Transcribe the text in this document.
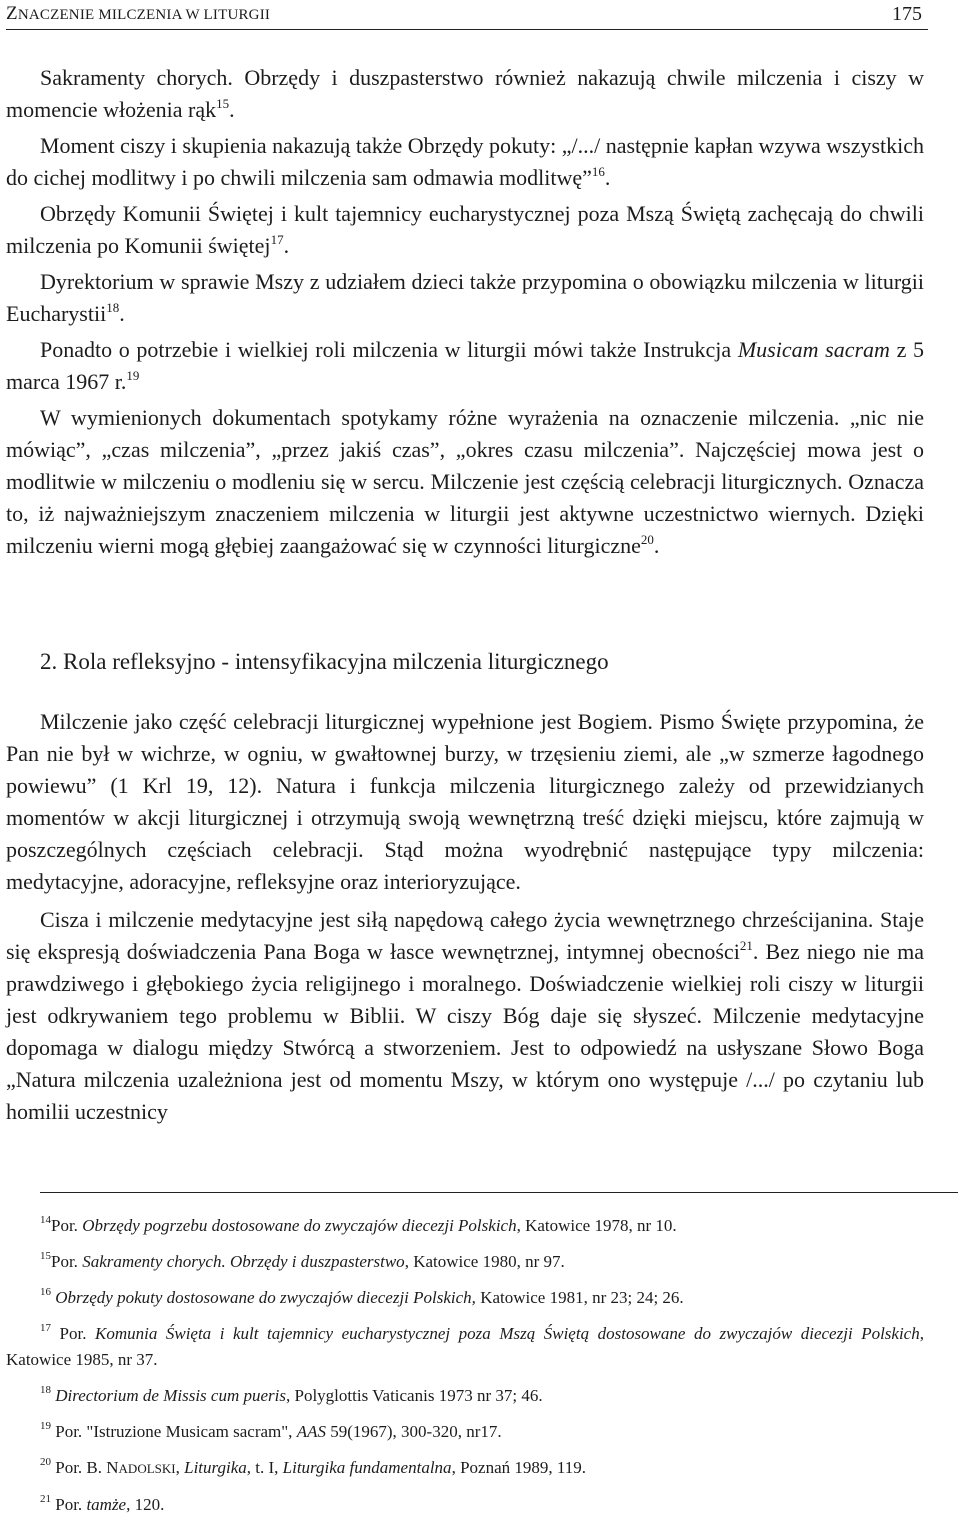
ZNACZENIE MILCZENIA W LITURGII	175

Sakramenty chorych. Obrzędy i duszpasterstwo również nakazują chwile milczenia i ciszy w momencie włożenia rąk$^{15}$.

Moment ciszy i skupienia nakazują także Obrzędy pokuty: „/.../ następnie kapłan wzywa wszystkich do cichej modlitwy i po chwili milczenia sam odmawia modlitwę”$^{16}$.

Obrzędy Komunii Świętej i kult tajemnicy eucharystycznej poza Mszą Świętą zachęcają do chwili milczenia po Komunii świętej$^{17}$.

Dyrektorium w sprawie Mszy z udziałem dzieci także przypomina o obowiązku milczenia w liturgii Eucharystii$^{18}$.

Ponadto o potrzebie i wielkiej roli milczenia w liturgii mówi także Instrukcja Musicam sacram z 5 marca 1967 r.$^{19}$

W wymienionych dokumentach spotykamy różne wyrażenia na oznaczenie milczenia. „nic nie mówiąc”, „czas milczenia”, „przez jakiś czas”, „okres czasu milczenia”. Najczęściej mowa jest o modlitwie w milczeniu o modleniu się w sercu. Milczenie jest częścią celebracji liturgicznych. Oznacza to, iż najważniejszym znaczeniem milczenia w liturgii jest aktywne uczestnictwo wiernych. Dzięki milczeniu wierni mogą głębiej zaangażować się w czynności liturgiczne$^{20}$.

2. Rola refleksyjno - intensyfikacyjna milczenia liturgicznego

Milczenie jako część celebracji liturgicznej wypełnione jest Bogiem. Pismo Święte przypomina, że Pan nie był w wichrze, w ogniu, w gwałtownej burzy, w trzęsieniu ziemi, ale „w szmerze łagodnego powiewu” (1 Krl 19, 12). Natura i funkcja milczenia liturgicznego zależy od przewidzianych momentów w akcji liturgicznej i otrzymują swoją wewnętrzną treść dzięki miejscu, które zajmują w poszczególnych częściach celebracji. Stąd można wyodrębnić następujące typy milczenia: medytacyjne, adoracyjne, refleksyjne oraz interioryzujące.

Cisza i milczenie medytacyjne jest siłą napędową całego życia wewnętrznego chrześcijanina. Staje się ekspresją doświadczenia Pana Boga w łasce wewnętrznej, intymnej obecności$^{21}$. Bez niego nie ma prawdziwego i głębokiego życia religijnego i moralnego. Doświadczenie wielkiej roli ciszy w liturgii jest odkrywaniem tego problemu w Biblii. W ciszy Bóg daje się słyszeć. Milczenie medytacyjne dopomaga w dialogu między Stwórcą a stworzeniem. Jest to odpowiedź na usłyszane Słowo Boga „Natura milczenia uzależniona jest od momentu Mszy, w którym ono występuje /.../ po czytaniu lub homilii uczestnicy

$^{14}$Por. Obrzędy pogrzebu dostosowane do zwyczajów diecezji Polskich, Katowice 1978, nr 10.

$^{15}$Por. Sakramenty chorych. Obrzędy i duszpasterstwo, Katowice 1980, nr 97.

$^{16}$ Obrzędy pokuty dostosowane do zwyczajów diecezji Polskich, Katowice 1981, nr 23; 24; 26.

$^{17}$ Por. Komunia Święta i kult tajemnicy eucharystycznej poza Mszą Świętą dostosowane do zwyczajów diecezji Polskich, Katowice 1985, nr 37.

$^{18}$ Directorium de Missis cum pueris, Polyglottis Vaticanis 1973 nr 37; 46.

$^{19}$ Por. "Istruzione Musicam sacram", AAS 59(1967), 300-320, nr17.

$^{20}$ Por. B. NADOLSKI, Liturgika, t. I, Liturgika fundamentalna, Poznań 1989, 119.

$^{21}$ Por. tamże, 120.
